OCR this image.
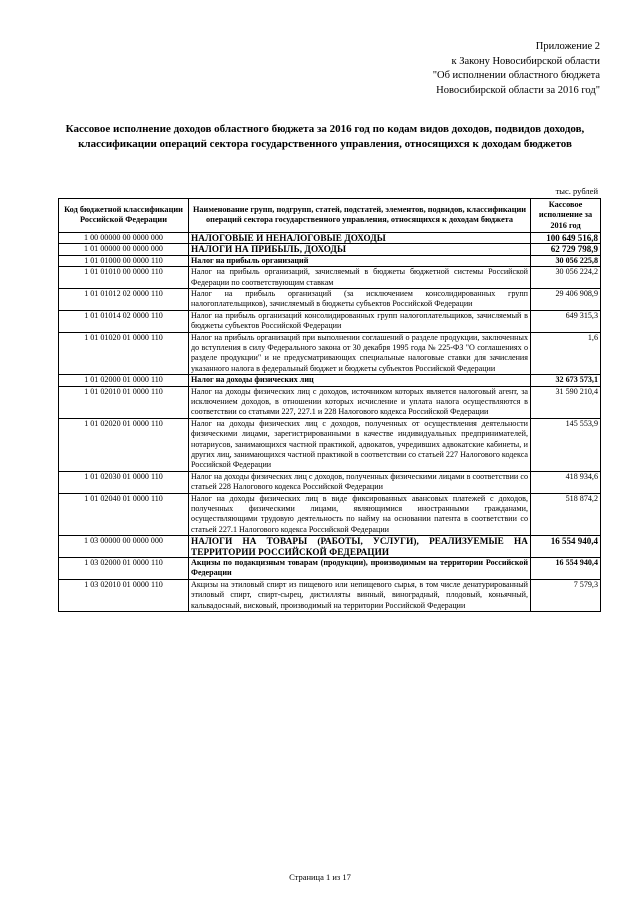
Приложение 2
к Закону Новосибирской области
"Об исполнении областного бюджета
Новосибирской области за 2016 год"
Кассовое исполнение доходов областного бюджета за 2016 год по кодам видов доходов, подвидов доходов, классификации операций сектора государственного управления, относящихся к доходам бюджетов
тыс. рублей
Код бюджетной классификации Российской Федерации	Наименование групп, подгрупп, статей, подстатей, элементов, подвидов, классификации операций сектора государственного управления, относящихся к доходам бюджета	Кассовое исполнение за 2016 год
1 00 00000 00 0000 000	НАЛОГОВЫЕ И НЕНАЛОГОВЫЕ ДОХОДЫ	100 649 516,8
1 01 00000 00 0000 000	НАЛОГИ НА ПРИБЫЛЬ, ДОХОДЫ	62 729 798,9
1 01 01000 00 0000 110	Налог на прибыль организаций	30 056 225,8
1 01 01010 00 0000 110	Налог на прибыль организаций, зачисляемый в бюджеты бюджетной системы Российской Федерации по соответствующим ставкам	30 056 224,2
1 01 01012 02 0000 110	Налог на прибыль организаций (за исключением консолидированных групп налогоплательщиков), зачисляемый в бюджеты субъектов Российской Федерации	29 406 908,9
1 01 01014 02 0000 110	Налог на прибыль организаций консолидированных групп налогоплательщиков, зачисляемый в бюджеты субъектов Российской Федерации	649 315,3
1 01 01020 01 0000 110	Налог на прибыль организаций при выполнении соглашений о разделе продукции, заключенных до вступления в силу Федерального закона от 30 декабря 1995 года № 225-ФЗ "О соглашениях о разделе продукции" и не предусматривающих специальные налоговые ставки для зачисления указанного налога в федеральный бюджет и бюджеты субъектов Российской Федерации	1,6
1 01 02000 01 0000 110	Налог на доходы физических лиц	32 673 573,1
1 01 02010 01 0000 110	Налог на доходы физических лиц с доходов, источником которых является налоговый агент, за исключением доходов, в отношении которых исчисление и уплата налога осуществляются в соответствии со статьями 227, 227.1 и 228 Налогового кодекса Российской Федерации	31 590 210,4
1 01 02020 01 0000 110	Налог на доходы физических лиц с доходов, полученных от осуществления деятельности физическими лицами, зарегистрированными в качестве индивидуальных предпринимателей, нотариусов, занимающихся частной практикой, адвокатов, учредивших адвокатские кабинеты, и других лиц, занимающихся частной практикой в соответствии со статьей 227 Налогового кодекса Российской Федерации	145 553,9
1 01 02030 01 0000 110	Налог на доходы физических лиц с доходов, полученных физическими лицами в соответствии со статьей 228 Налогового кодекса Российской Федерации	418 934,6
1 01 02040 01 0000 110	Налог на доходы физических лиц в виде фиксированных авансовых платежей с доходов, полученных физическими лицами, являющимися иностранными гражданами, осуществляющими трудовую деятельность по найму на основании патента в соответствии со статьей 227.1 Налогового кодекса Российской Федерации	518 874,2
1 03 00000 00 0000 000	НАЛОГИ НА ТОВАРЫ (РАБОТЫ, УСЛУГИ), РЕАЛИЗУЕМЫЕ НА ТЕРРИТОРИИ РОССИЙСКОЙ ФЕДЕРАЦИИ	16 554 940,4
1 03 02000 01 0000 110	Акцизы по подакцизным товарам (продукции), производимым на территории Российской Федерации	16 554 940,4
1 03 02010 01 0000 110	Акцизы на этиловый спирт из пищевого или непищевого сырья, в том числе денатурированный этиловый спирт, спирт-сырец, дистилляты винный, виноградный, плодовый, коньячный, кальвадосный, висковый, производимый на территории Российской Федерации	7 579,3
Страница 1 из 17
